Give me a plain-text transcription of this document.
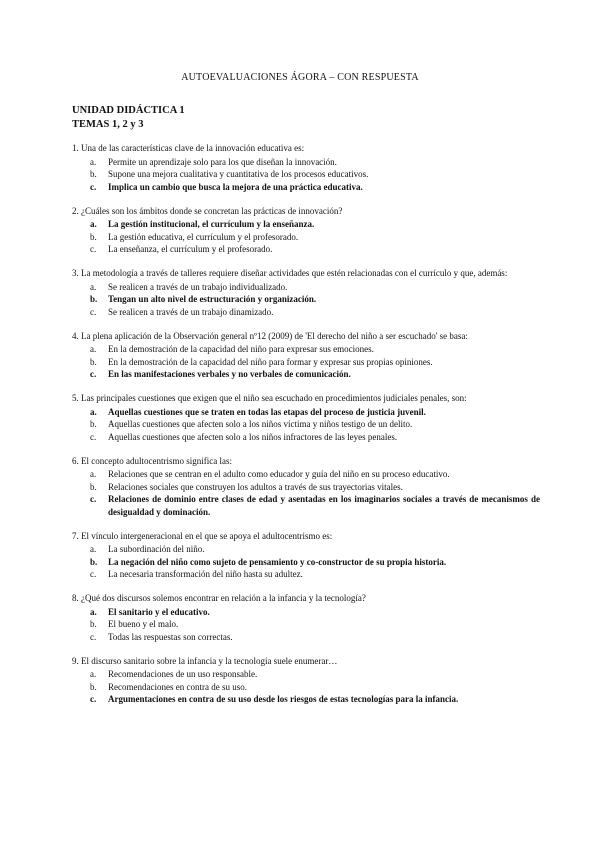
AUTOEVALUACIONES ÁGORA – CON RESPUESTA
UNIDAD DIDÁCTICA 1
TEMAS 1, 2 y 3
1. Una de las características clave de la innovación educativa es:
a. Permite un aprendizaje solo para los que diseñan la innovación.
b. Supone una mejora cualitativa y cuantitativa de los procesos educativos.
c. Implica un cambio que busca la mejora de una práctica educativa.
2. ¿Cuáles son los ámbitos donde se concretan las prácticas de innovación?
a. La gestión institucional, el currículum y la enseñanza.
b. La gestión educativa, el currículum y el profesorado.
c. La enseñanza, el currículum y el profesorado.
3. La metodología a través de talleres requiere diseñar actividades que estén relacionadas con el currículo y que, además:
a. Se realicen a través de un trabajo individualizado.
b. Tengan un alto nivel de estructuración y organización.
c. Se realicen a través de un trabajo dinamizado.
4. La plena aplicación de la Observación general nº12 (2009) de 'El derecho del niño a ser escuchado' se basa:
a. En la demostración de la capacidad del niño para expresar sus emociones.
b. En la demostración de la capacidad del niño para formar y expresar sus propias opiniones.
c. En las manifestaciones verbales y no verbales de comunicación.
5. Las principales cuestiones que exigen que el niño sea escuchado en procedimientos judiciales penales, son:
a. Aquellas cuestiones que se traten en todas las etapas del proceso de justicia juvenil.
b. Aquellas cuestiones que afecten solo a los niños víctima y niños testigo de un delito.
c. Aquellas cuestiones que afecten solo a los niños infractores de las leyes penales.
6. El concepto adultocentrismo significa las:
a. Relaciones que se centran en el adulto como educador y guía del niño en su proceso educativo.
b. Relaciones sociales que construyen los adultos a través de sus trayectorias vitales.
c. Relaciones de dominio entre clases de edad y asentadas en los imaginarios sociales a través de mecanismos de desigualdad y dominación.
7. El vínculo intergeneracional en el que se apoya el adultocentrismo es:
a. La subordinación del niño.
b. La negación del niño como sujeto de pensamiento y co-constructor de su propia historia.
c. La necesaria transformación del niño hasta su adultez.
8. ¿Qué dos discursos solemos encontrar en relación a la infancia y la tecnología?
a. El sanitario y el educativo.
b. El bueno y el malo.
c. Todas las respuestas son correctas.
9. El discurso sanitario sobre la infancia y la tecnología suele enumerar…
a. Recomendaciones de un uso responsable.
b. Recomendaciones en contra de su uso.
c. Argumentaciones en contra de su uso desde los riesgos de estas tecnologías para la infancia.
